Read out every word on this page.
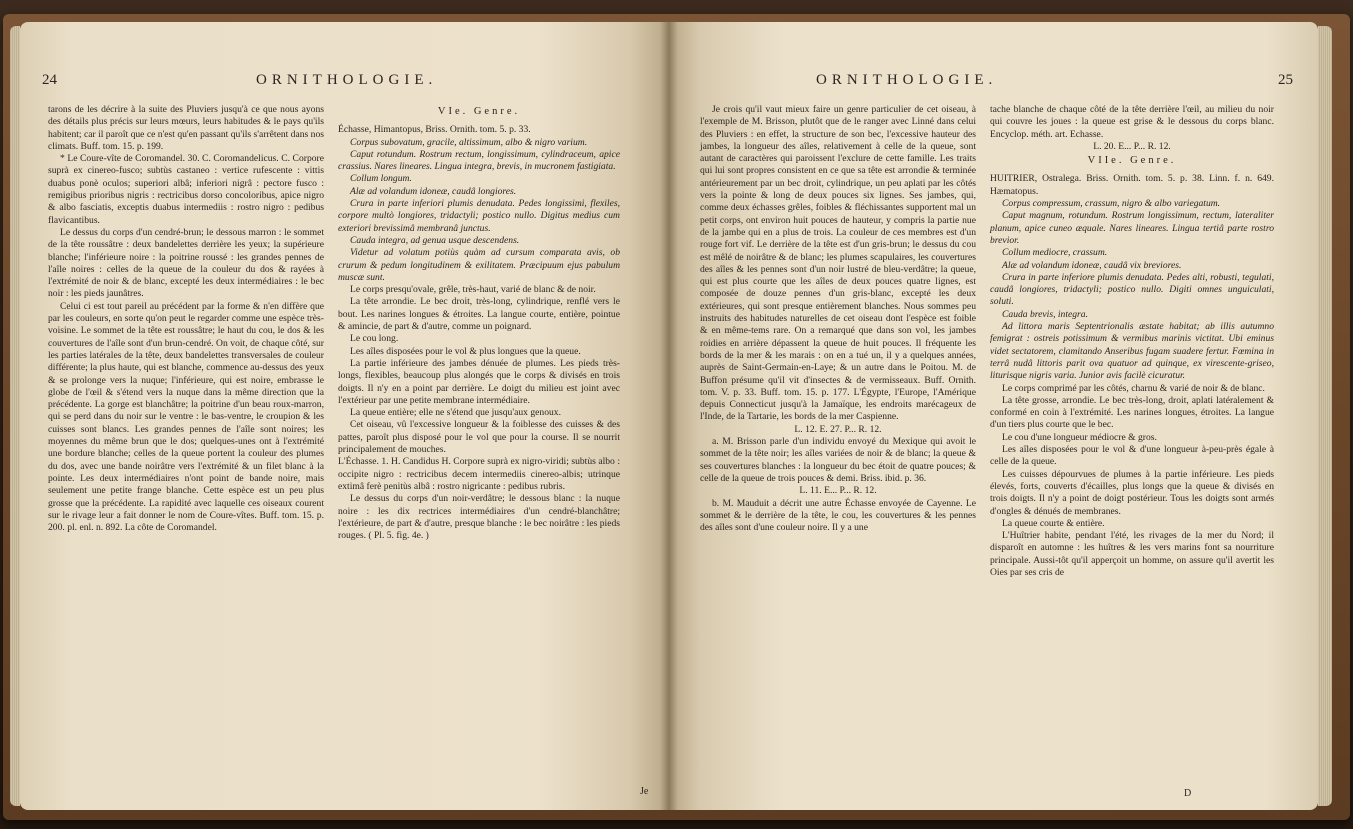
24	ORNITHOLOGIE.

tarons de les décrire à la suite des Pluviers jusqu'à ce que nous ayons des détails plus précis sur leurs mœurs, leurs habitudes & le pays qu'ils habitent; car il paroît que ce n'est qu'en passant qu'ils s'arrêtent dans nos climats. Buff. tom. 15. p. 199.

* Le Coure-vîte de Coromandel. 30. C. Coromandelicus. C. Corpore suprà ex cinereo-fusco; subtùs castaneo : vertice rufescente : vittis duabus ponè oculos; superiori albâ; inferiori nigrâ : pectore fusco : remigibus prioribus nigris : rectricibus dorso concoloribus, apice nigro & albo fasciatis, exceptis duabus intermediis : rostro nigro : pedibus flavicantibus.

Le dessus du corps d'un cendré-brun; le dessous marron : le sommet de la tête roussâtre : deux bandelettes derrière les yeux; la supérieure blanche; l'inférieure noire : la poitrine roussé : les grandes pennes de l'aîle noires : celles de la queue de la couleur du dos & rayées à l'extrémité de noir & de blanc, excepté les deux intermédiaires : le bec noir : les pieds jaunâtres.

Celui ci est tout pareil au précédent par la forme & n'en diffère que par les couleurs, en sorte qu'on peut le regarder comme une espèce très-voisine. Le sommet de la tête est roussâtre; le haut du cou, le dos & les couvertures de l'aîle sont d'un brun-cendré. On voit, de chaque côté, sur les parties latérales de la tête, deux bandelettes transversales de couleur différente; la plus haute, qui est blanche, commence au-dessus des yeux & se prolonge vers la nuque; l'inférieure, qui est noire, embrasse le globe de l'œil & s'étend vers la nuque dans la même direction que la précédente. La gorge est blanchâtre; la poitrine d'un beau roux-marron, qui se perd dans du noir sur le ventre : le bas-ventre, le croupion & les cuisses sont blancs. Les grandes pennes de l'aîle sont noires; les moyennes du même brun que le dos; quelques-unes ont à l'extrémité une bordure blanche; celles de la queue portent la couleur des plumes du dos, avec une bande noirâtre vers l'extrémité & un filet blanc à la pointe. Les deux intermédiaires n'ont point de bande noire, mais seulement une petite frange blanche. Cette espèce est un peu plus grosse que la précédente. La rapidité avec laquelle ces oiseaux courent sur le rivage leur a fait donner le nom de Coure-vîtes. Buff. tom. 15. p. 200. pl. enl. n. 892. La côte de Coromandel.

VIe. Genre.

Échasse, Himantopus, Briss. Ornith. tom. 5. p. 33.

Corpus subovatum, gracile, altissimum, albo & nigro varium.

Caput rotundum. Rostrum rectum, longissimum, cylindraceum, apice crassius. Nares lineares. Lingua integra, brevis, in mucronem fastigiata.

Collum longum.

Alæ ad volandum idoneæ, caudâ longiores.

Crura in parte inferiori plumis denudata. Pedes longissimi, flexiles, corpore multò longiores, tridactyli; postico nullo. Digitus medius cum exteriori brevissimâ membranâ junctus.

Cauda integra, ad genua usque descendens.

Videtur ad volatum potiùs quàm ad cursum comparata avis, ob crurum & pedum longitudinem & exilitatem. Præcipuum ejus pabulum muscæ sunt.

Le corps presqu'ovale, grêle, très-haut, varié de blanc & de noir.

La tête arrondie. Le bec droit, très-long, cylindrique, renflé vers le bout. Les narines longues & étroites. La langue courte, entière, pointue & amincie, de part & d'autre, comme un poignard.

Le cou long.

Les aîles disposées pour le vol & plus longues que la queue.

La partie inférieure des jambes dénuée de plumes. Les pieds très-longs, flexibles, beaucoup plus alongés que le corps & divisés en trois doigts. Il n'y en a point par derrière. Le doigt du milieu est joint avec l'extérieur par une petite membrane intermédiaire.

La queue entière; elle ne s'étend que jusqu'aux genoux.

Cet oiseau, vû l'excessive longueur & la foiblesse des cuisses & des pattes, paroît plus disposé pour le vol que pour la course. Il se nourrit principalement de mouches.

L'Échasse. 1. H. Candidus H. Corpore suprà ex nigro-viridi; subtùs albo : occipite nigro : rectricibus decem intermediis cinereo-albis; utrinque extimâ ferè penitùs albâ : rostro nigricante : pedibus rubris.

Le dessus du corps d'un noir-verdâtre; le dessous blanc : la nuque noire : les dix rectrices intermédiaires d'un cendré-blanchâtre; l'extérieure, de part & d'autre, presque blanche : le bec noirâtre : les pieds rouges. ( Pl. 5. fig. 4e. )

Je
ORNITHOLOGIE.	25

Je crois qu'il vaut mieux faire un genre particulier de cet oiseau, à l'exemple de M. Brisson, plutôt que de le ranger avec Linné dans celui des Pluviers : en effet, la structure de son bec, l'excessive hauteur des jambes, la longueur des aîles, relativement à celle de la queue, sont autant de caractères qui paroissent l'exclure de cette famille. Les traits qui lui sont propres consistent en ce que sa tête est arrondie & terminée antérieurement par un bec droit, cylindrique, un peu aplati par les côtés vers la pointe & long de deux pouces six lignes. Ses jambes, qui, comme deux échasses grêles, foibles & fléchissantes supportent mal un petit corps, ont environ huit pouces de hauteur, y compris la partie nue de la jambe qui en a plus de trois. La couleur de ces membres est d'un rouge fort vif. Le derrière de la tête est d'un gris-brun; le dessus du cou est mêlé de noirâtre & de blanc; les plumes scapulaires, les couvertures des aîles & les pennes sont d'un noir lustré de bleu-verdâtre; la queue, qui est plus courte que les aîles de deux pouces quatre lignes, est composée de douze pennes d'un gris-blanc, excepté les deux extérieures, qui sont presque entièrement blanches. Nous sommes peu instruits des habitudes naturelles de cet oiseau dont l'espèce est foible & en même-tems rare. On a remarqué que dans son vol, les jambes roidies en arrière dépassent la queue de huit pouces. Il fréquente les bords de la mer & les marais : on en a tué un, il y a quelques années, auprès de Saint-Germain-en-Laye; & un autre dans le Poitou. M. de Buffon présume qu'il vit d'insectes & de vermisseaux. Buff. Ornith. tom. V. p. 33. Buff. tom. 15. p. 177. L'Égypte, l'Europe, l'Amérique depuis Connecticut jusqu'à la Jamaïque, les endroits marécageux de l'Inde, de la Tartarie, les bords de la mer Caspienne.

L. 12. E. 27. P... R. 12.

a. M. Brisson parle d'un individu envoyé du Mexique qui avoit le sommet de la tête noir; les aîles variées de noir & de blanc; la queue & ses couvertures blanches : la longueur du bec étoit de quatre pouces; & celle de la queue de trois pouces & demi. Briss. ibid. p. 36.

L. 11. E... P... R. 12.

b. M. Mauduit a décrit une autre Échasse envoyée de Cayenne. Le sommet & le derrière de la tête, le cou, les couvertures & les pennes des aîles sont d'une couleur noire. Il y a une

tache blanche de chaque côté de la tête derrière l'œil, au milieu du noir qui couvre les joues : la queue est grise & le dessous du corps blanc. Encyclop. méth. art. Echasse.

L. 20. E... P... R. 12.

VIIe. Genre.

HUITRIER, Ostralega. Briss. Ornith. tom. 5. p. 38. Linn. f. n. 649. Hæmatopus.

Corpus compressum, crassum, nigro & albo variegatum.

Caput magnum, rotundum. Rostrum longissimum, rectum, lateraliter planum, apice cuneo æquale. Nares lineares. Lingua tertiâ parte rostro brevior.

Collum mediocre, crassum.

Alæ ad volandum idoneæ, caudâ vix breviores.

Crura in parte inferiore plumis denudata. Pedes alti, robusti, tegulati, caudâ longiores, tridactyli; postico nullo. Digiti omnes unguiculati, soluti.

Cauda brevis, integra.

Ad littora maris Septentrionalis æstate habitat; ab illis autumno femigrat : ostreis potissimum & vermibus marinis victitat. Ubi eminus videt sectatorem, clamitando Anseribus fugam suadere fertur. Fœmina in terrâ nudâ littoris parit ova quatuor ad quinque, ex virescente-griseo, liturisque nigris varia. Junior avis facilè cicuratur.

Le corps comprimé par les côtés, charnu & varié de noir & de blanc.

La tête grosse, arrondie. Le bec très-long, droit, aplati latéralement & conformé en coin à l'extrémité. Les narines longues, étroites. La langue d'un tiers plus courte que le bec.

Le cou d'une longueur médiocre & gros.

Les aîles disposées pour le vol & d'une longueur à-peu-près égale à celle de la queue.

Les cuisses dépourvues de plumes à la partie inférieure. Les pieds élevés, forts, couverts d'écailles, plus longs que la queue & divisés en trois doigts. Il n'y a point de doigt postérieur. Tous les doigts sont armés d'ongles & dénués de membranes.

La queue courte & entière.

L'Huîtrier habite, pendant l'été, les rivages de la mer du Nord; il disparoît en automne : les huîtres & les vers marins font sa nourriture principale. Aussi-tôt qu'il apperçoit un homme, on assure qu'il avertit les Oies par ses cris de

D
